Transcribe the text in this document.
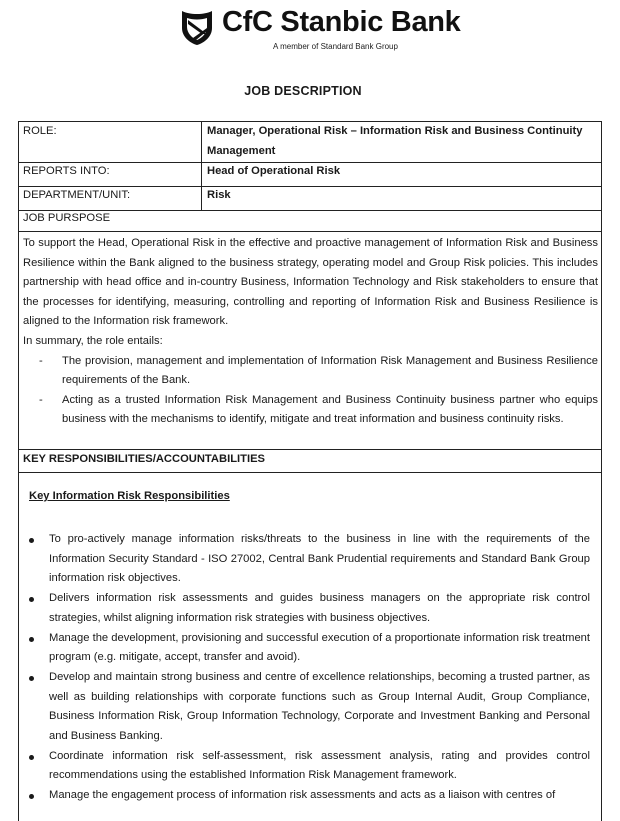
CfC Stanbic Bank
A member of Standard Bank Group
JOB DESCRIPTION
ROLE:	Manager, Operational Risk – Information Risk and Business Continuity Management
REPORTS INTO:	Head of Operational Risk
DEPARTMENT/UNIT:	Risk
JOB PURSPOSE

To support the Head, Operational Risk in the effective and proactive management of Information Risk and Business Resilience within the Bank aligned to the business strategy, operating model and Group Risk policies. This includes partnership with head office and in-country Business, Information Technology and Risk stakeholders to ensure that the processes for identifying, measuring, controlling and reporting of Information Risk and Business Resilience is aligned to the Information risk framework.

In summary, the role entails:

- The provision, management and implementation of Information Risk Management and Business Resilience requirements of the Bank.
- Acting as a trusted Information Risk Management and Business Continuity business partner who equips business with the mechanisms to identify, mitigate and treat information and business continuity risks.
KEY RESPONSIBILITIES/ACCOUNTABILITIES
Key Information Risk Responsibilities
To pro-actively manage information risks/threats to the business in line with the requirements of the Information Security Standard - ISO 27002, Central Bank Prudential requirements and Standard Bank Group information risk objectives.
Delivers information risk assessments and guides business managers on the appropriate risk control strategies, whilst aligning information risk strategies with business objectives.
Manage the development, provisioning and successful execution of a proportionate information risk treatment program (e.g. mitigate, accept, transfer and avoid).
Develop and maintain strong business and centre of excellence relationships, becoming a trusted partner, as well as building relationships with corporate functions such as Group Internal Audit, Group Compliance, Business Information Risk, Group Information Technology, Corporate and Investment Banking and Personal and Business Banking.
Coordinate information risk self-assessment, risk assessment analysis, rating and provides control recommendations using the established Information Risk Management framework.
Manage the engagement process of information risk assessments and acts as a liaison with centres of
